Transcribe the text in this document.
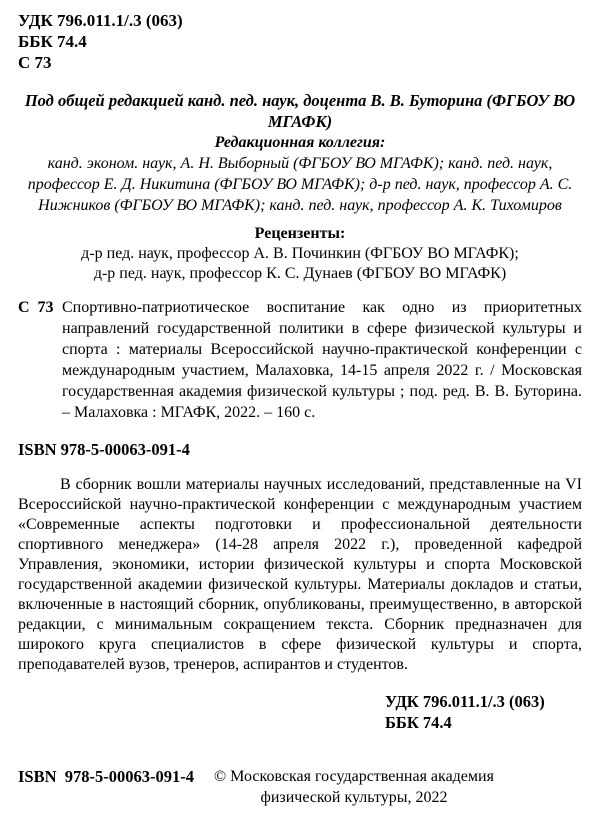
УДК 796.011.1/.3 (063)
ББК 74.4
С 73
Под общей редакцией канд. пед. наук, доцента В. В. Буторина (ФГБОУ ВО МГАФК)
Редакционная коллегия:
канд. эконом. наук, А. Н. Выборный (ФГБОУ ВО МГАФК); канд. пед. наук, профессор Е. Д. Никитина (ФГБОУ ВО МГАФК); д-р пед. наук, профессор А. С. Нижников (ФГБОУ ВО МГАФК); канд. пед. наук, профессор А. К. Тихомиров
Рецензенты:
д-р пед. наук, профессор А. В. Починкин (ФГБОУ ВО МГАФК);
д-р пед. наук, профессор К. С. Дунаев (ФГБОУ ВО МГАФК)

С 73 Спортивно-патриотическое воспитание как одно из приоритетных направлений государственной политики в сфере физической культуры и спорта : материалы Всероссийской научно-практической конференции с международным участием, Малаховка, 14-15 апреля 2022 г. / Московская государственная академия физической культуры ; под. ред. В. В. Буторина. – Малаховка : МГАФК, 2022. – 160 с.

ISBN 978-5-00063-091-4

В сборник вошли материалы научных исследований, представленные на VI Всероссийской научно-практической конференции с международным участием «Современные аспекты подготовки и профессиональной деятельности спортивного менеджера» (14-28 апреля 2022 г.), проведенной кафедрой Управления, экономики, истории физической культуры и спорта Московской государственной академии физической культуры. Материалы докладов и статьи, включенные в настоящий сборник, опубликованы, преимущественно, в авторской редакции, с минимальным сокращением текста. Сборник предназначен для широкого круга специалистов в сфере физической культуры и спорта, преподавателей вузов, тренеров, аспирантов и студентов.

УДК 796.011.1/.3 (063)
ББК 74.4
ISBN  978-5-00063-091-4 © Московская государственная академия
физической культуры, 2022
